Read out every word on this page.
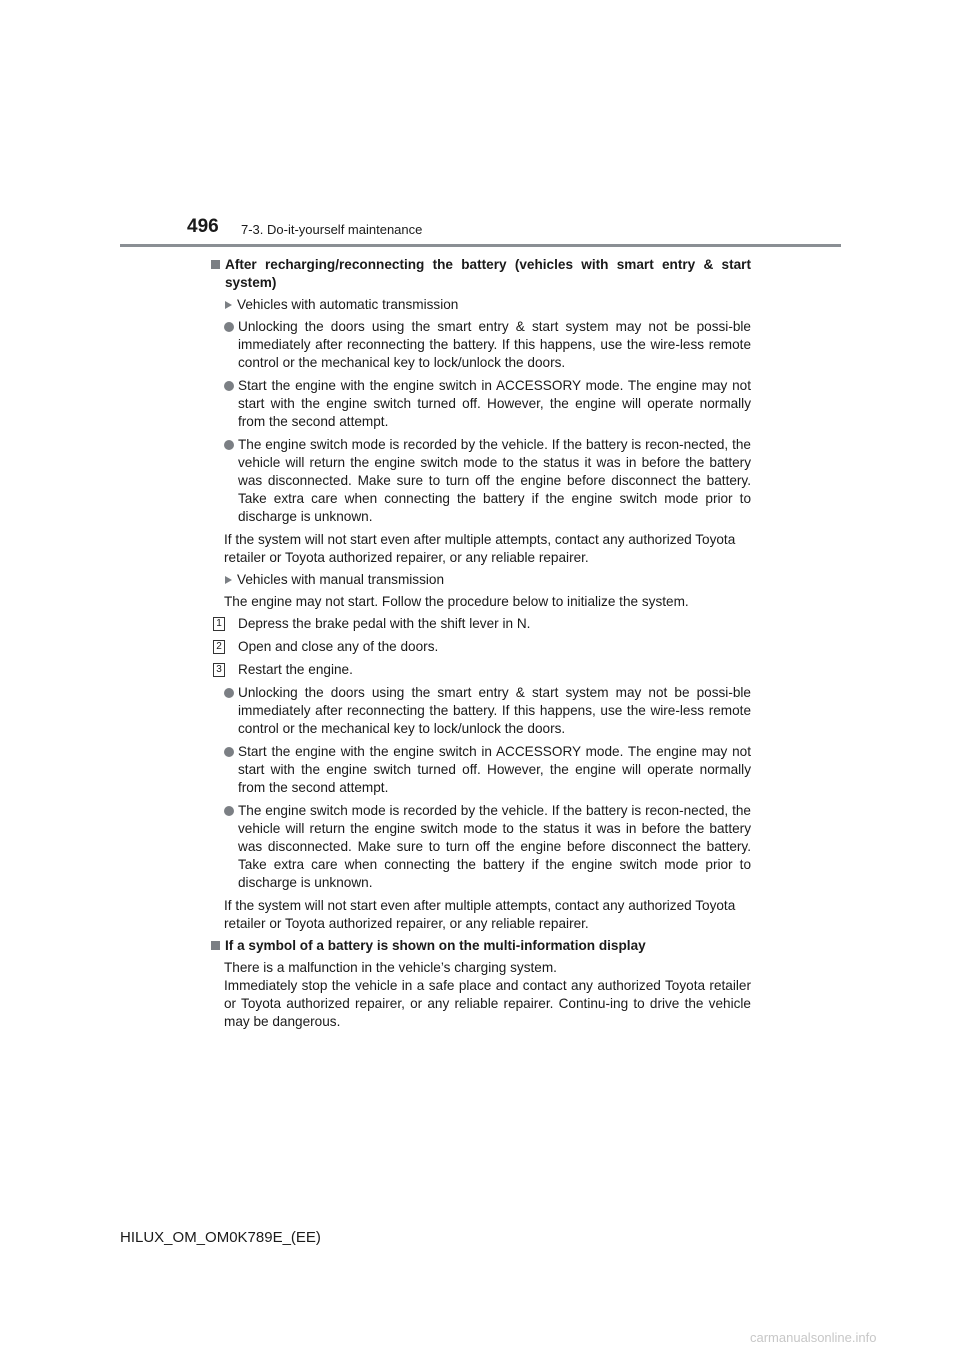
496 7-3. Do-it-yourself maintenance
After recharging/reconnecting the battery (vehicles with smart entry & start system)
Vehicles with automatic transmission
Unlocking the doors using the smart entry & start system may not be possi-ble immediately after reconnecting the battery. If this happens, use the wire-less remote control or the mechanical key to lock/unlock the doors.
Start the engine with the engine switch in ACCESSORY mode. The engine may not start with the engine switch turned off. However, the engine will operate normally from the second attempt.
The engine switch mode is recorded by the vehicle. If the battery is recon-nected, the vehicle will return the engine switch mode to the status it was in before the battery was disconnected. Make sure to turn off the engine before disconnect the battery. Take extra care when connecting the battery if the engine switch mode prior to discharge is unknown.
If the system will not start even after multiple attempts, contact any authorized Toyota retailer or Toyota authorized repairer, or any reliable repairer.
Vehicles with manual transmission
The engine may not start. Follow the procedure below to initialize the system.
1 Depress the brake pedal with the shift lever in N.
2 Open and close any of the doors.
3 Restart the engine.
Unlocking the doors using the smart entry & start system may not be possi-ble immediately after reconnecting the battery. If this happens, use the wire-less remote control or the mechanical key to lock/unlock the doors.
Start the engine with the engine switch in ACCESSORY mode. The engine may not start with the engine switch turned off. However, the engine will operate normally from the second attempt.
The engine switch mode is recorded by the vehicle. If the battery is recon-nected, the vehicle will return the engine switch mode to the status it was in before the battery was disconnected. Make sure to turn off the engine before disconnect the battery. Take extra care when connecting the battery if the engine switch mode prior to discharge is unknown.
If the system will not start even after multiple attempts, contact any authorized Toyota retailer or Toyota authorized repairer, or any reliable repairer.
If a symbol of a battery is shown on the multi-information display
There is a malfunction in the vehicle’s charging system.
Immediately stop the vehicle in a safe place and contact any authorized Toyota retailer or Toyota authorized repairer, or any reliable repairer. Continu-ing to drive the vehicle may be dangerous.
HILUX_OM_OM0K789E_(EE)
carmanualsonline.info
